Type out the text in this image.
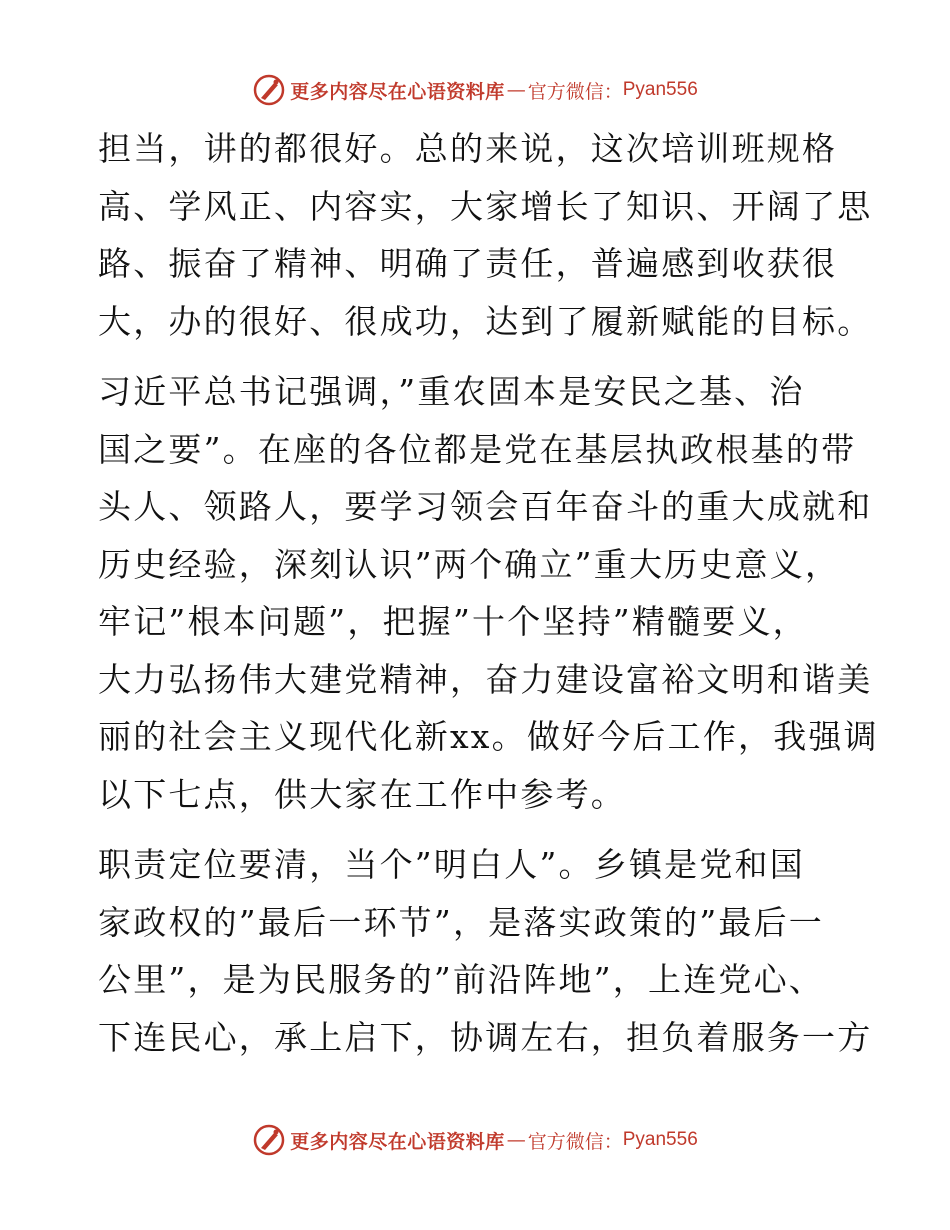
更多内容尽在心语资料库 — 官方微信： Pyan556

担当，讲的都很好。总的来说，这次培训班规格
高、学风正、内容实，大家增长了知识、开阔了思
路、振奋了精神、明确了责任，普遍感到收获很
大，办的很好、很成功，达到了履新赋能的目标。

习近平总书记强调，”重农固本是安民之基、治
国之要”。在座的各位都是党在基层执政根基的带
头人、领路人，要学习领会百年奋斗的重大成就和
历史经验，深刻认识”两个确立”重大历史意义，
牢记”根本问题”，把握”十个坚持”精髓要义，
大力弘扬伟大建党精神，奋力建设富裕文明和谐美
丽的社会主义现代化新xx。做好今后工作，我强调
以下七点，供大家在工作中参考。

职责定位要清，当个”明白人”。乡镇是党和国
家政权的”最后一环节”，是落实政策的”最后一
公里”，是为民服务的”前沿阵地”，上连党心、
下连民心，承上启下，协调左右，担负着服务一方

更多内容尽在心语资料库 — 官方微信： Pyan556
